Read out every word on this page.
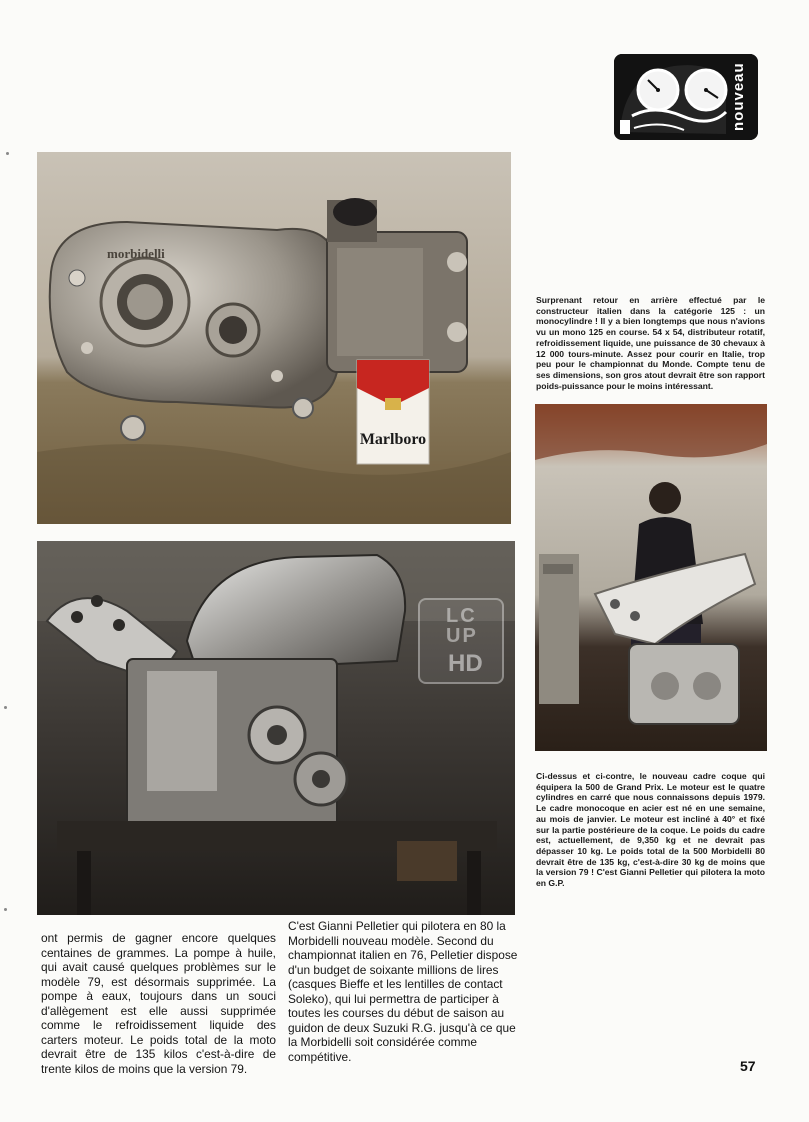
nouveau
morbidelli
Marlboro
LC UP
HD
Surprenant retour en arrière effectué par le constructeur italien dans la catégorie 125 : un monocylindre ! Il y a bien longtemps que nous n'avions vu un mono 125 en course. 54 x 54, distributeur rotatif, refroidissement liquide, une puissance de 30 chevaux à 12 000 tours-minute. Assez pour courir en Italie, trop peu pour le championnat du Monde. Compte tenu de ses dimensions, son gros atout devrait être son rapport poids-puissance pour le moins intéressant.
Ci-dessus et ci-contre, le nouveau cadre coque qui équipera la 500 de Grand Prix. Le moteur est le quatre cylindres en carré que nous connaissons depuis 1979. Le cadre monocoque en acier est né en une semaine, au mois de janvier. Le moteur est incliné à 40° et fixé sur la partie postérieure de la coque. Le poids du cadre est, actuellement, de 9,350 kg et ne devrait pas dépasser 10 kg. Le poids total de la 500 Morbidelli 80 devrait être de 135 kg, c'est-à-dire 30 kg de moins que la version 79 ! C'est Gianni Pelletier qui pilotera la moto en G.P.
ont permis de gagner encore quelques centaines de grammes. La pompe à huile, qui avait causé quelques problèmes sur le modèle 79, est désormais supprimée. La pompe à eaux, toujours dans un souci d'allègement est elle aussi supprimée comme le refroidissement liquide des carters moteur. Le poids total de la moto devrait être de 135 kilos c'est-à-dire de trente kilos de moins que la version 79.
C'est Gianni Pelletier qui pilotera en 80 la Morbidelli nouveau modèle. Second du championnat italien en 76, Pelletier dispose d'un budget de soixante millions de lires (casques Bieffe et les lentilles de contact Soleko), qui lui permettra de participer à toutes les courses du début de saison au guidon de deux Suzuki R.G. jusqu'à ce que la Morbidelli soit considérée comme compétitive.
57
